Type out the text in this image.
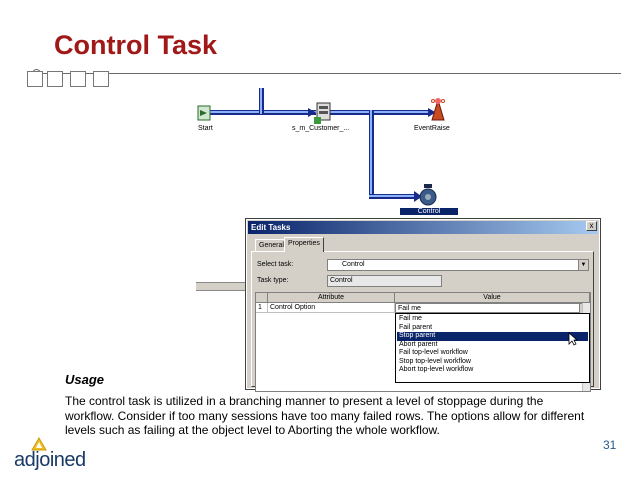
Control Task
Start	s_m_Customer_...	EventRaise
Control
Edit Tasks	x
General Properties
Select task:	Control	▼
Task type:	Control
Attribute	Value
1	Control Option	Fail me
Fail me
Fail parent
Stop parent
Abort parent
Fail top-level workflow
Stop top-level workflow
Abort top-level workflow
Usage
The control task is utilized in a branching manner to present a level of stoppage during the workflow. Consider if too many sessions have too many failed rows. The options allow for different levels such as failing at the object level to Aborting the whole workflow.
adjoined
31
